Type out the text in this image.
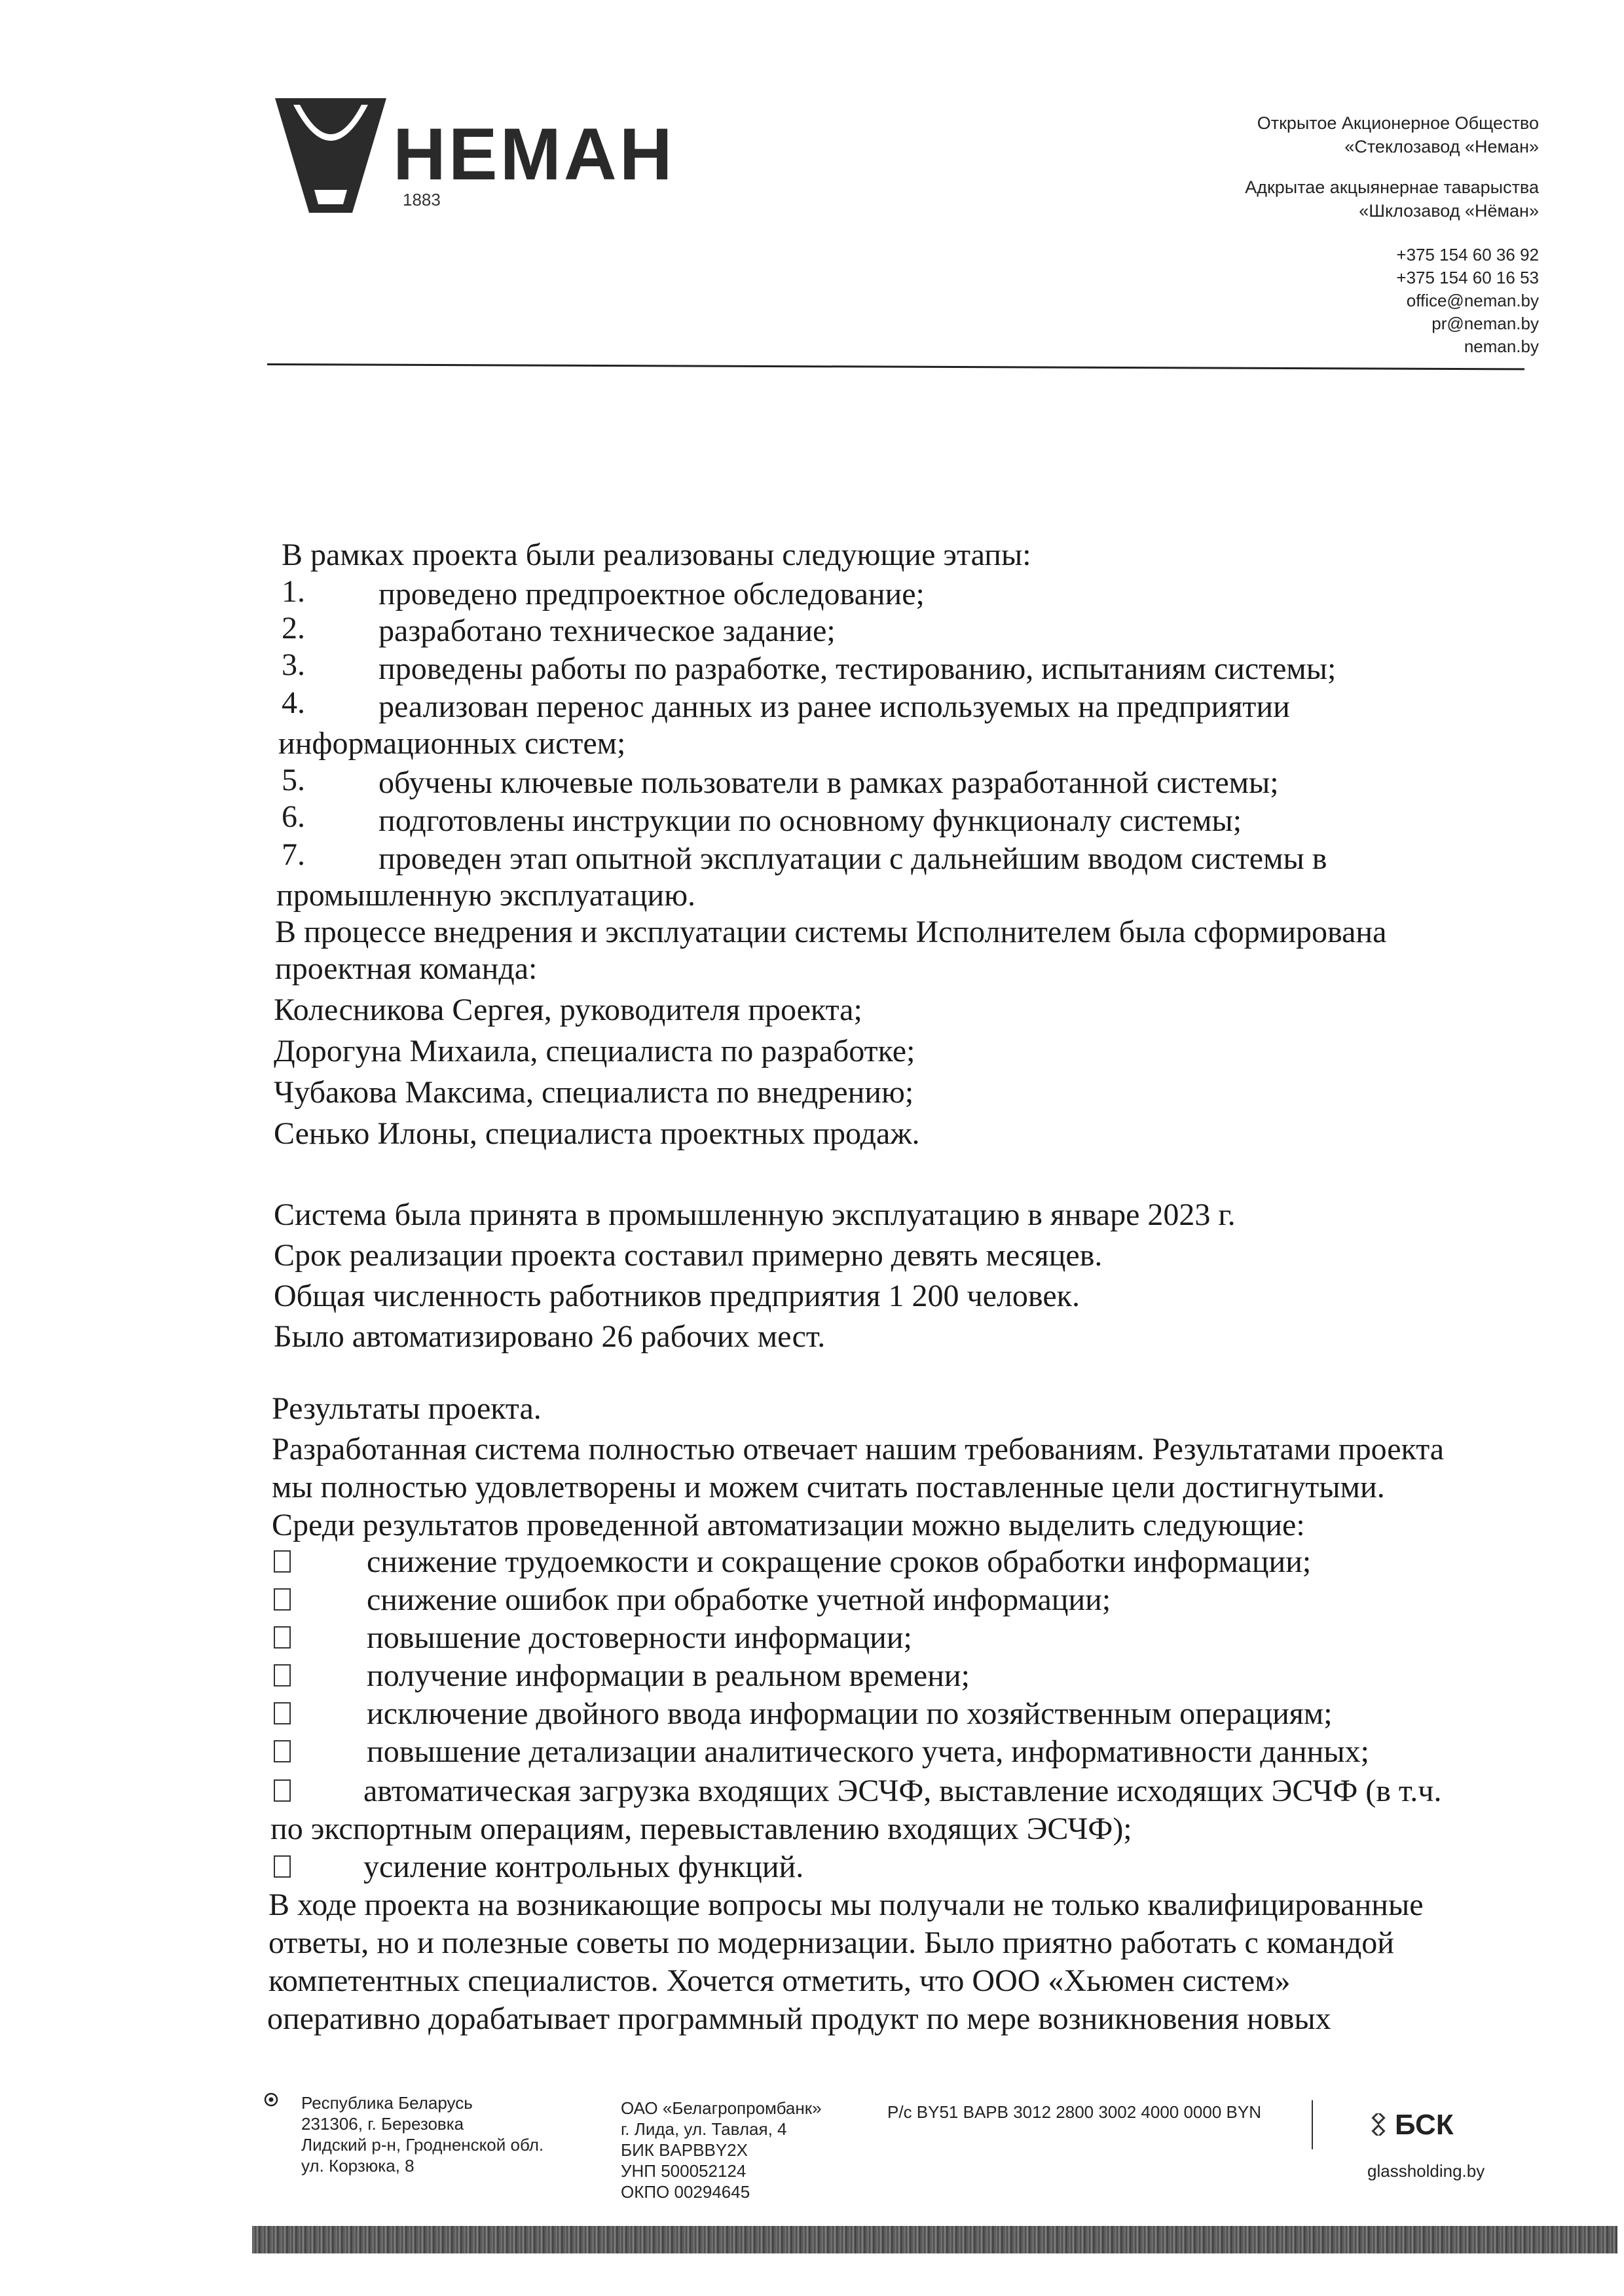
НЕМАН
1883
Открытое Акционерное Общество
«Стеклозавод «Неман»
Адкрытае акцыянернае таварыства
«Шклозавод «Нёман»
+375 154 60 36 92
+375 154 60 16 53
office@neman.by
pr@neman.by
neman.by
В рамках проекта были реализованы следующие этапы:
1. проведено предпроектное обследование;
2. разработано техническое задание;
3. проведены работы по разработке, тестированию, испытаниям системы;
4. реализован перенос данных из ранее используемых на предприятии
информационных систем;
5. обучены ключевые пользователи в рамках разработанной системы;
6. подготовлены инструкции по основному функционалу системы;
7. проведен этап опытной эксплуатации с дальнейшим вводом системы в
промышленную эксплуатацию.
В процессе внедрения и эксплуатации системы Исполнителем была сформирована
проектная команда:
Колесникова Сергея, руководителя проекта;
Дорогуна Михаила, специалиста по разработке;
Чубакова Максима, специалиста по внедрению;
Сенько Илоны, специалиста проектных продаж.
Система была принята в промышленную эксплуатацию в январе 2023 г.
Срок реализации проекта составил примерно девять месяцев.
Общая численность работников предприятия 1 200 человек.
Было автоматизировано 26 рабочих мест.
Результаты проекта.
Разработанная система полностью отвечает нашим требованиям. Результатами проекта
мы полностью удовлетворены и можем считать поставленные цели достигнутыми.
Среди результатов проведенной автоматизации можно выделить следующие:
снижение трудоемкости и сокращение сроков обработки информации;
снижение ошибок при обработке учетной информации;
повышение достоверности информации;
получение информации в реальном времени;
исключение двойного ввода информации по хозяйственным операциям;
повышение детализации аналитического учета, информативности данных;
автоматическая загрузка входящих ЭСЧФ, выставление исходящих ЭСЧФ (в т.ч.
по экспортным операциям, перевыставлению входящих ЭСЧФ);
усиление контрольных функций.
В ходе проекта на возникающие вопросы мы получали не только квалифицированные
ответы, но и полезные советы по модернизации. Было приятно работать с командой
компетентных специалистов. Хочется отметить, что ООО «Хьюмен систем»
оперативно дорабатывает программный продукт по мере возникновения новых
Республика Беларусь
231306, г. Березовка
Лидский р-н, Гродненской обл.
ул. Корзюка, 8
ОАО «Белагропромбанк»
г. Лида, ул. Тавлая, 4
БИК BAPBBY2X
УНП 500052124
ОКПО 00294645
Р/с BY51 BAPB 3012 2800 3002 4000 0000 BYN	БСК
glassholding.by
